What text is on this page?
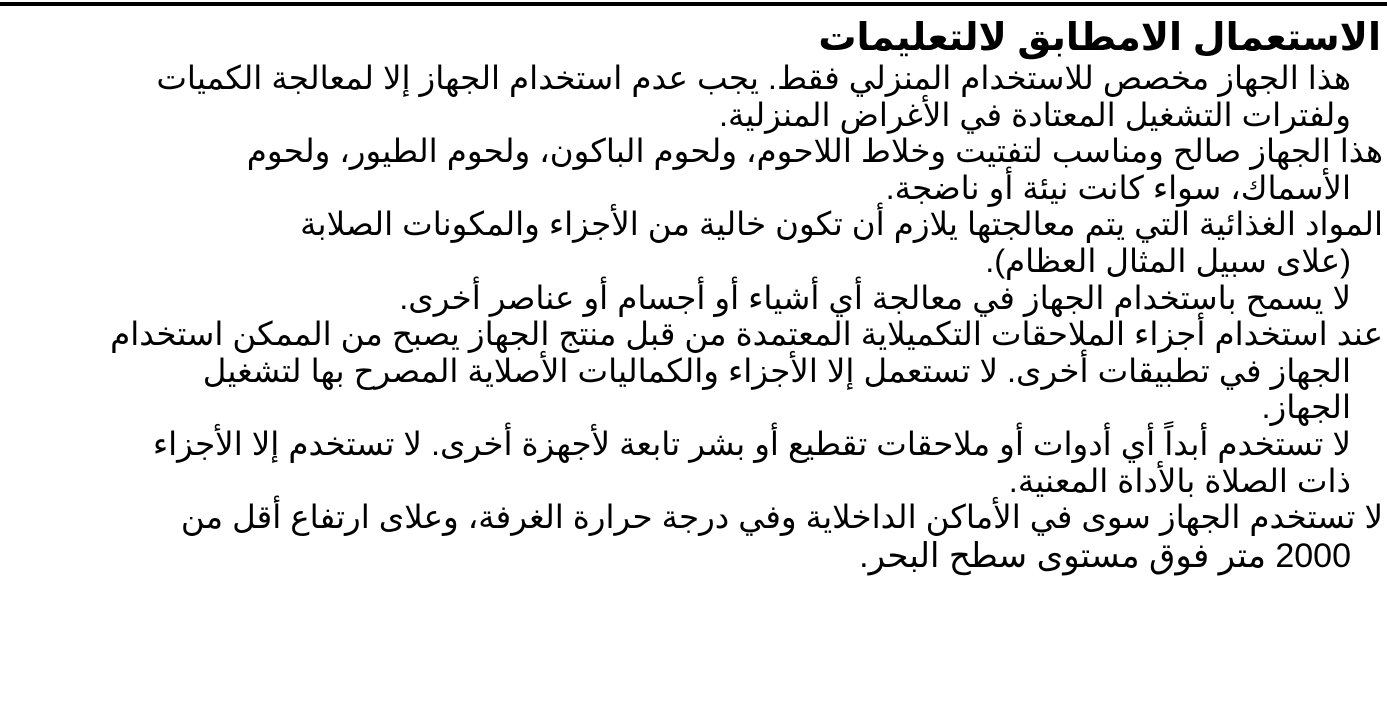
الاستعمال الامطابق لالتعليمات
هذا الجهاز مخصص للاستخدام المنزلي فقط. يجب عدم استخدام الجهاز إلا لمعالجة الكميات
ولفترات التشغيل المعتادة في الأغراض المنزلية.
هذا الجهاز صالح ومناسب لتفتيت وخلاط اللاحوم، ولحوم الباكون، ولحوم الطيور، ولحوم
الأسماك، سواء كانت نيئة أو ناضجة.
المواد الغذائية التي يتم معالجتها يلازم أن تكون خالية من الأجزاء والمكونات الصلابة
(علاى سبيل المثال العظام).
لا يسمح باستخدام الجهاز في معالجة أي أشياء أو أجسام أو عناصر أخرى.
عند استخدام أجزاء الملاحقات التكميلاية المعتمدة من قبل منتج الجهاز يصبح من الممكن استخدام
الجهاز في تطبيقات أخرى. لا تستعمل إلا الأجزاء والكماليات الأصلاية المصرح بها لتشغيل
الجهاز.
لا تستخدم أبداً أي أدوات أو ملاحقات تقطيع أو بشر تابعة لأجهزة أخرى. لا تستخدم إلا الأجزاء
ذات الصلاة بالأداة المعنية.
لا تستخدم الجهاز سوى في الأماكن الداخلاية وفي درجة حرارة الغرفة، وعلاى ارتفاع أقل من
2000 متر فوق مستوى سطح البحر.
